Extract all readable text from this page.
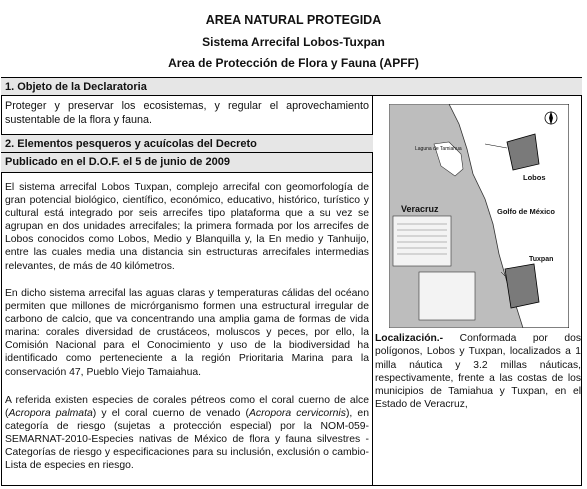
AREA NATURAL PROTEGIDA
Sistema Arrecifal Lobos-Tuxpan
Area de Protección de Flora y Fauna (APFF)
1. Objeto de la Declaratoria
Proteger y preservar los ecosistemas, y regular el aprovechamiento sustentable de la flora y fauna.
2. Elementos pesqueros y acuícolas del Decreto
Publicado en el D.O.F. el 5 de junio de 2009
El sistema arrecifal Lobos Tuxpan, complejo arrecifal con geomorfología de gran potencial biológico, científico, económico, educativo, histórico, turístico y cultural está integrado por seis arrecifes tipo plataforma que a su vez se agrupan en dos unidades arrecifales; la primera formada por los arrecifes de Lobos conocidos como Lobos, Medio y Blanquilla y, la En medio y Tanhuijo, entre las cuales media una distancia sin estructuras arrecifales intermedias relevantes, de más de 40 kilómetros.
En dicho sistema arrecifal las aguas claras y temperaturas cálidas del océano permiten que millones de micrórganismo formen una estructural irregular de carbono de calcio, que va concentrando una amplia gama de formas de vida marina: corales diversidad de crustáceos, moluscos y peces, por ello, la Comisión Nacional para el Conocimiento y uso de la biodiversidad ha identificado como perteneciente a la región Prioritaria Marina para la conservación 47, Pueblo Viejo Tamaiahua.
A referida existen especies de corales pétreos como el coral cuerno de alce (Acropora palmata) y el coral cuerno de venado (Acropora cervicornis), en categoría de riesgo (sujetas a protección especial) por la NOM-059-SEMARNAT-2010-Especies nativas de México de flora y fauna silvestres - Categorías de riesgo y especificaciones para su inclusión, exclusión o cambio-Lista de especies en riesgo.
Laguna de Tamiahua
Lobos
Golfo de México
Veracruz
Tuxpan
Localización.- Conformada por dos polígonos, Lobos y Tuxpan, localizados a 1 milla náutica y 3.2 millas náuticas, respectivamente, frente a las costas de los municipios de Tamiahua y Tuxpan, en el Estado de Veracruz,
